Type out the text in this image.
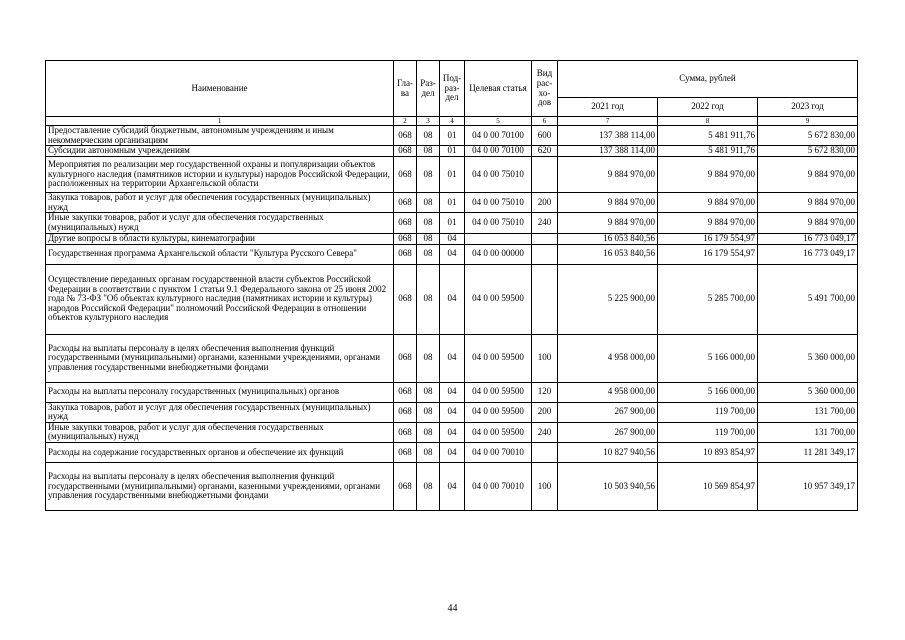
Наименование	Гла-ва	Раз-дел	Под-раз-дел	Целевая статья	Вид рас-хо-дов	Сумма, рублей		
						2021 год	2022 год	2023 год
1	2	3	4	5	6	7	8	9
Предоставление субсидий бюджетным, автономным учреждениям и иным некоммерческим организациям	068	08	01	04 0 00 70100	600	137 388 114,00	5 481 911,76	5 672 830,00
Субсидии автономным учреждениям	068	08	01	04 0 00 70100	620	137 388 114,00	5 481 911,76	5 672 830,00
Мероприятия по реализации мер государственной охраны и популяризации объектов культурного наследия (памятников истории и культуры) народов Российской Федерации, расположенных на территории Архангельской области	068	08	01	04 0 00 75010		9 884 970,00	9 884 970,00	9 884 970,00
Закупка товаров, работ и услуг для обеспечения государственных (муниципальных) нужд	068	08	01	04 0 00 75010	200	9 884 970,00	9 884 970,00	9 884 970,00
Иные закупки товаров, работ и услуг для обеспечения государственных (муниципальных) нужд	068	08	01	04 0 00 75010	240	9 884 970,00	9 884 970,00	9 884 970,00
Другие вопросы в области культуры, кинематографии	068	08	04			16 053 840,56	16 179 554,97	16 773 049,17
Государственная программа Архангельской области "Культура Русского Севера"	068	08	04	04 0 00 00000		16 053 840,56	16 179 554,97	16 773 049,17
Осуществление переданных органам государственной власти субъектов Российской Федерации в соответствии с пунктом 1 статьи 9.1 Федерального закона от 25 июня 2002 года № 73-ФЗ "Об объектах культурного наследия (памятниках истории и культуры) народов Российской Федерации" полномочий Российской Федерации в отношении объектов культурного наследия	068	08	04	04 0 00 59500		5 225 900,00	5 285 700,00	5 491 700,00
Расходы на выплаты персоналу в целях обеспечения выполнения функций государственными (муниципальными) органами, казенными учреждениями, органами управления государственными внебюджетными фондами	068	08	04	04 0 00 59500	100	4 958 000,00	5 166 000,00	5 360 000,00
Расходы на выплаты персоналу государственных (муниципальных) органов	068	08	04	04 0 00 59500	120	4 958 000,00	5 166 000,00	5 360 000,00
Закупка товаров, работ и услуг для обеспечения государственных (муниципальных) нужд	068	08	04	04 0 00 59500	200	267 900,00	119 700,00	131 700,00
Иные закупки товаров, работ и услуг для обеспечения государственных (муниципальных) нужд	068	08	04	04 0 00 59500	240	267 900,00	119 700,00	131 700,00
Расходы на содержание государственных органов и обеспечение их функций	068	08	04	04 0 00 70010		10 827 940,56	10 893 854,97	11 281 349,17
Расходы на выплаты персоналу в целях обеспечения выполнения функций государственными (муниципальными) органами, казенными учреждениями, органами управления государственными внебюджетными фондами	068	08	04	04 0 00 70010	100	10 503 940,56	10 569 854,97	10 957 349,17
44
